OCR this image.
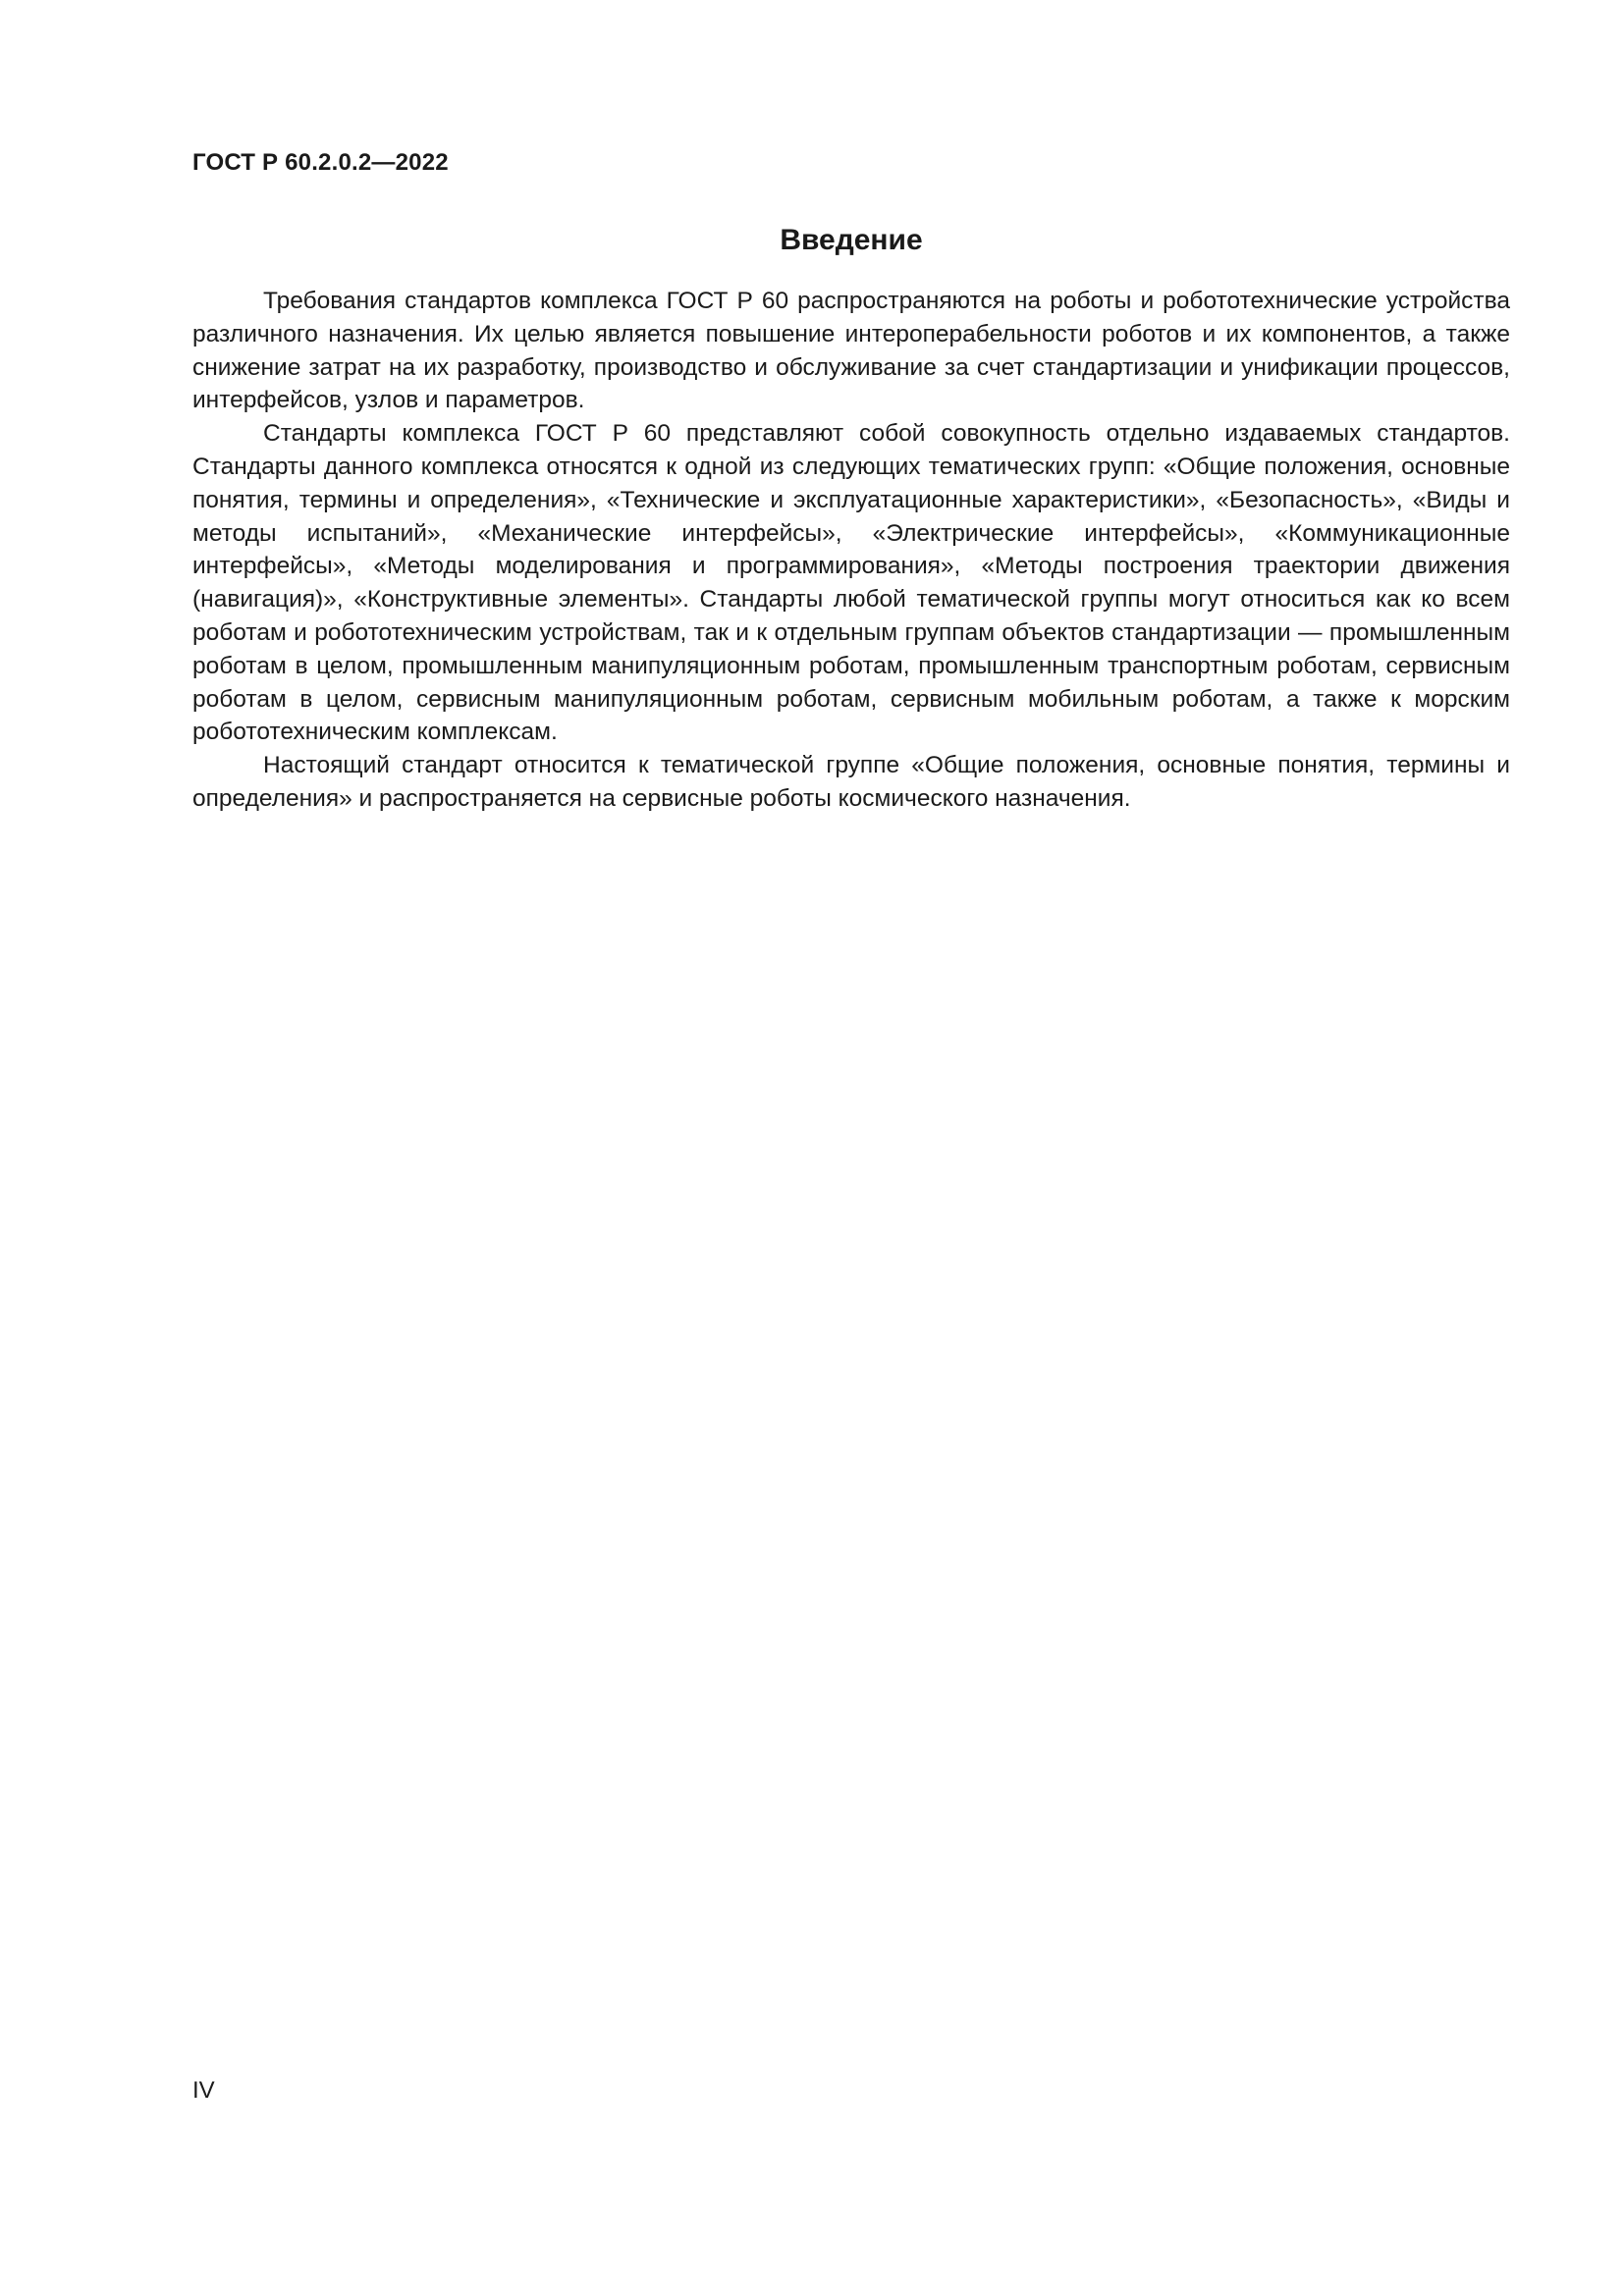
ГОСТ Р 60.2.0.2—2022
Введение

Требования стандартов комплекса ГОСТ Р 60 распространяются на роботы и робототехнические устройства различного назначения. Их целью является повышение интероперабельности роботов и их компонентов, а также снижение затрат на их разработку, производство и обслуживание за счет стандартизации и унификации процессов, интерфейсов, узлов и параметров.

Стандарты комплекса ГОСТ Р 60 представляют собой совокупность отдельно издаваемых стандартов. Стандарты данного комплекса относятся к одной из следующих тематических групп: «Общие положения, основные понятия, термины и определения», «Технические и эксплуатационные характеристики», «Безопасность», «Виды и методы испытаний», «Механические интерфейсы», «Электрические интерфейсы», «Коммуникационные интерфейсы», «Методы моделирования и программирования», «Методы построения траектории движения (навигация)», «Конструктивные элементы». Стандарты любой тематической группы могут относиться как ко всем роботам и робототехническим устройствам, так и к отдельным группам объектов стандартизации — промышленным роботам в целом, промышленным манипуляционным роботам, промышленным транспортным роботам, сервисным роботам в целом, сервисным манипуляционным роботам, сервисным мобильным роботам, а также к морским робототехническим комплексам.

Настоящий стандарт относится к тематической группе «Общие положения, основные понятия, термины и определения» и распространяется на сервисные роботы космического назначения.

IV
